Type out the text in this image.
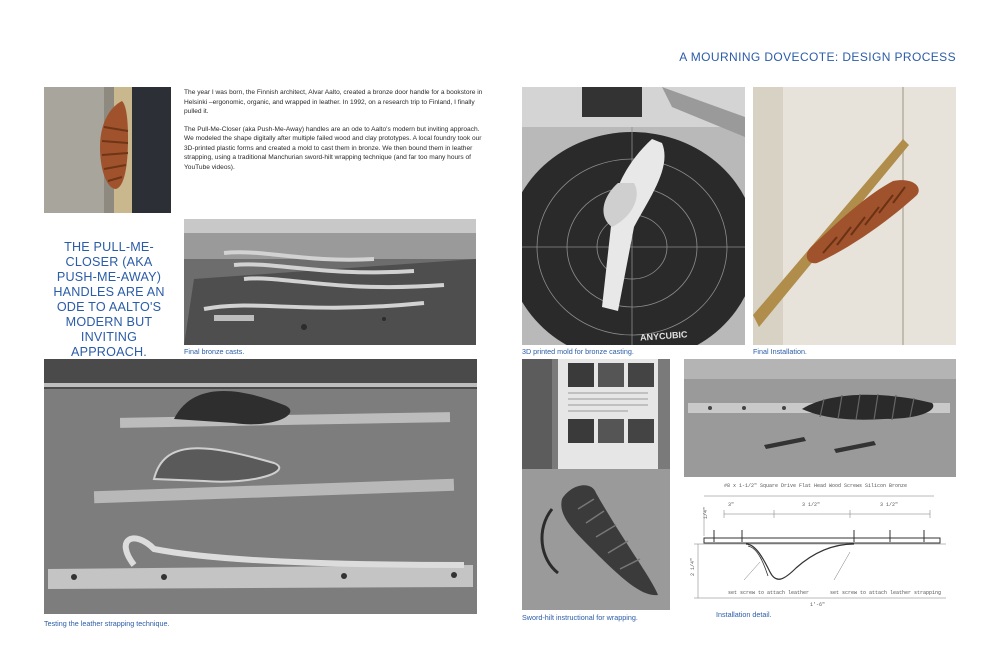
A MOURNING DOVECOTE: DESIGN PROCESS

The year I was born, the Finnish architect, Alvar Aalto, created a bronze door handle for a bookstore in Helsinki –ergonomic, organic, and wrapped in leather. In 1992, on a research trip to Finland, I finally pulled it.

The Pull-Me-Closer (aka Push-Me-Away) handles are an ode to Aalto's modern but inviting approach. We modeled the shape digitally after multiple failed wood and clay prototypes. A local foundry took our 3D-printed plastic forms and created a mold to cast them in bronze. We then bound them in leather strapping, using a traditional Manchurian sword-hilt wrapping technique (and far too many hours of YouTube videos).

THE PULL-ME-CLOSER (AKA PUSH-ME-AWAY) HANDLES ARE AN ODE TO AALTO'S MODERN BUT INVITING APPROACH.	Final bronze casts.
ANYCUBIC
3D printed mold for bronze casting.	Final Installation.
Testing the leather strapping technique.
Sword-hilt instructional for wrapping.
#8 x 1-1/2" Square Drive Flat Head Wood Screws Silicon Bronze
1/4"
3"	3 1/2"	3 1/2"
2 1/4"
set screw to attach leather	set screw to attach leather strapping
1'-6"
Installation detail.
